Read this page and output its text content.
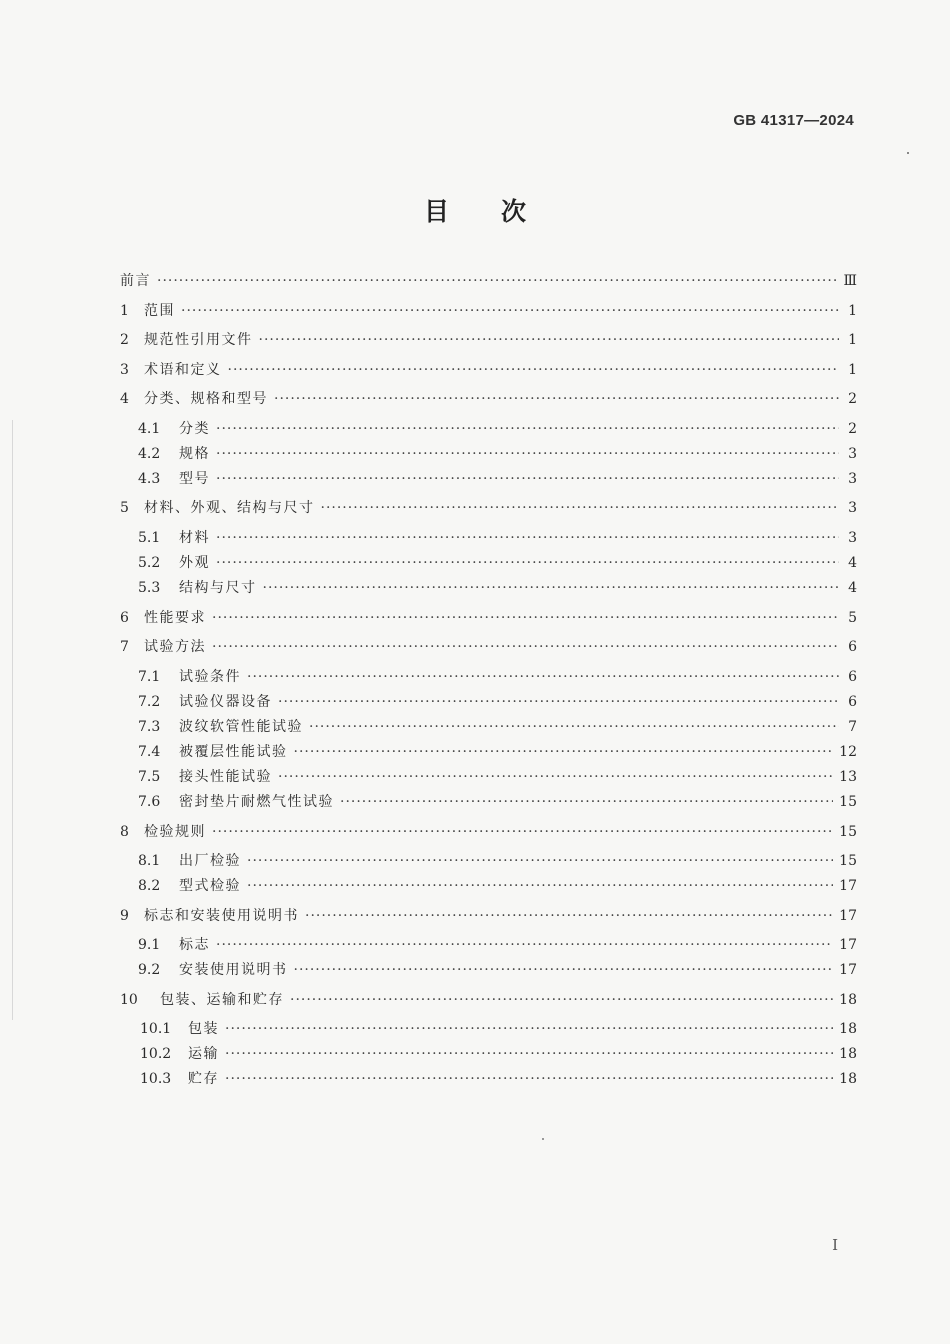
GB 41317—2024
目次
前言 ·····	Ⅲ
1	范围 ·····	1
2	规范性引用文件 ·····	1
3	术语和定义 ·····	1
4	分类、规格和型号 ·····	2
4.1	分类 ·····	2
4.2	规格 ·····	3
4.3	型号 ·····	3
5	材料、外观、结构与尺寸 ·····	3
5.1	材料 ·····	3
5.2	外观 ·····	4
5.3	结构与尺寸 ·····	4
6	性能要求 ·····	5
7	试验方法 ·····	6
7.1	试验条件 ·····	6
7.2	试验仪器设备 ·····	6
7.3	波纹软管性能试验 ·····	7
7.4	被覆层性能试验 ·····	12
7.5	接头性能试验 ·····	13
7.6	密封垫片耐燃气性试验 ·····	15
8	检验规则 ·····	15
8.1	出厂检验 ·····	15
8.2	型式检验 ·····	17
9	标志和安装使用说明书 ·····	17
9.1	标志 ·····	17
9.2	安装使用说明书 ·····	17
10	包装、运输和贮存 ·····	18
10.1	包装 ·····	18
10.2	运输 ·····	18
10.3	贮存 ·····	18
I
